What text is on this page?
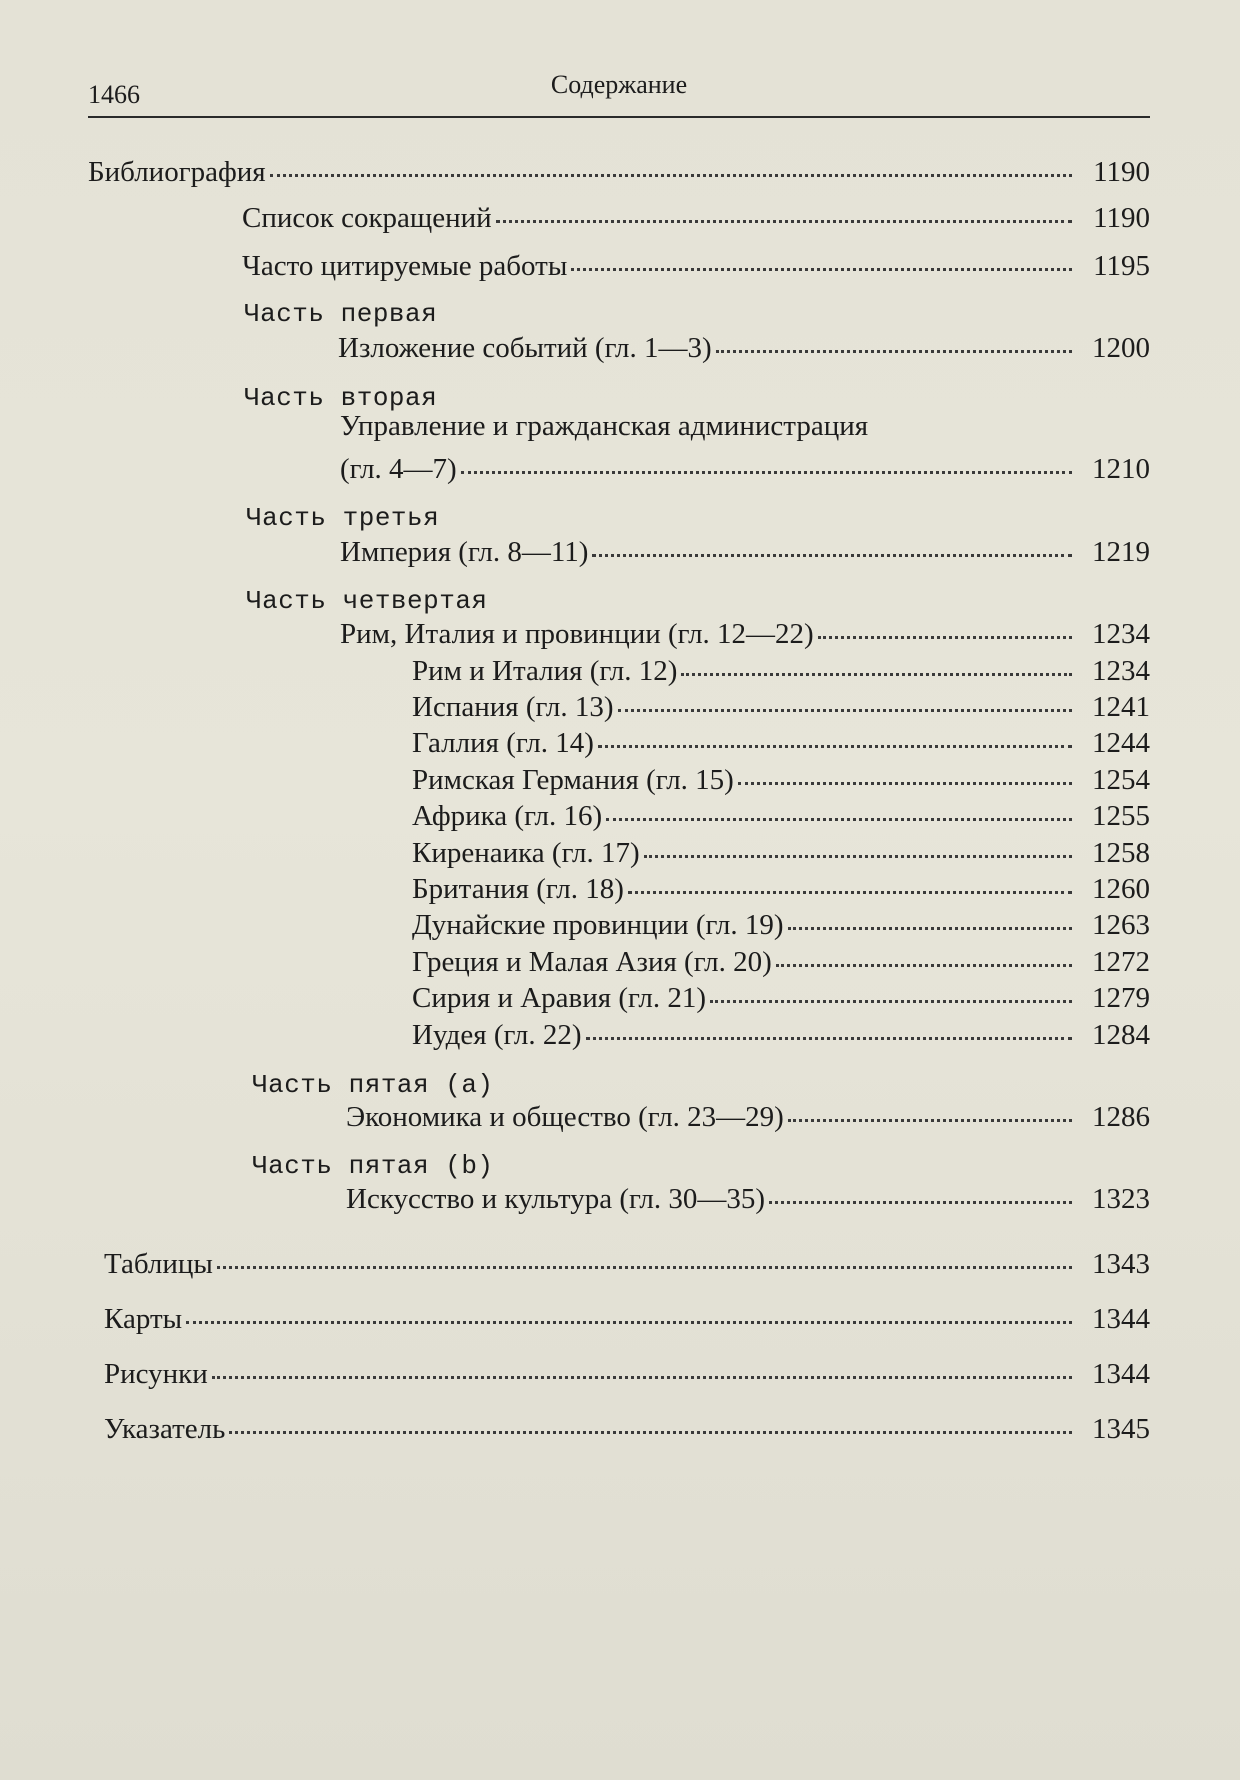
1466	Содержание
Библиография	1190
Список сокращений	1190
Часто цитируемые работы	1195
Часть первая
Изложение событий (гл. 1—3)	1200
Часть вторая
Управление и гражданская администрация
(гл. 4—7)	1210
Часть третья
Империя (гл. 8—11)	1219
Часть четвертая
Рим, Италия и провинции (гл. 12—22)	1234
Рим и Италия (гл. 12)	1234
Испания (гл. 13)	1241
Галлия (гл. 14)	1244
Римская Германия (гл. 15)	1254
Африка (гл. 16)	1255
Киренаика (гл. 17)	1258
Британия (гл. 18)	1260
Дунайские провинции (гл. 19)	1263
Греция и Малая Азия (гл. 20)	1272
Сирия и Аравия (гл. 21)	1279
Иудея (гл. 22)	1284
Часть пятая (a)
Экономика и общество (гл. 23—29)	1286
Часть пятая (b)
Искусство и культура (гл. 30—35)	1323
Таблицы	1343
Карты	1344
Рисунки	1344
Указатель	1345
